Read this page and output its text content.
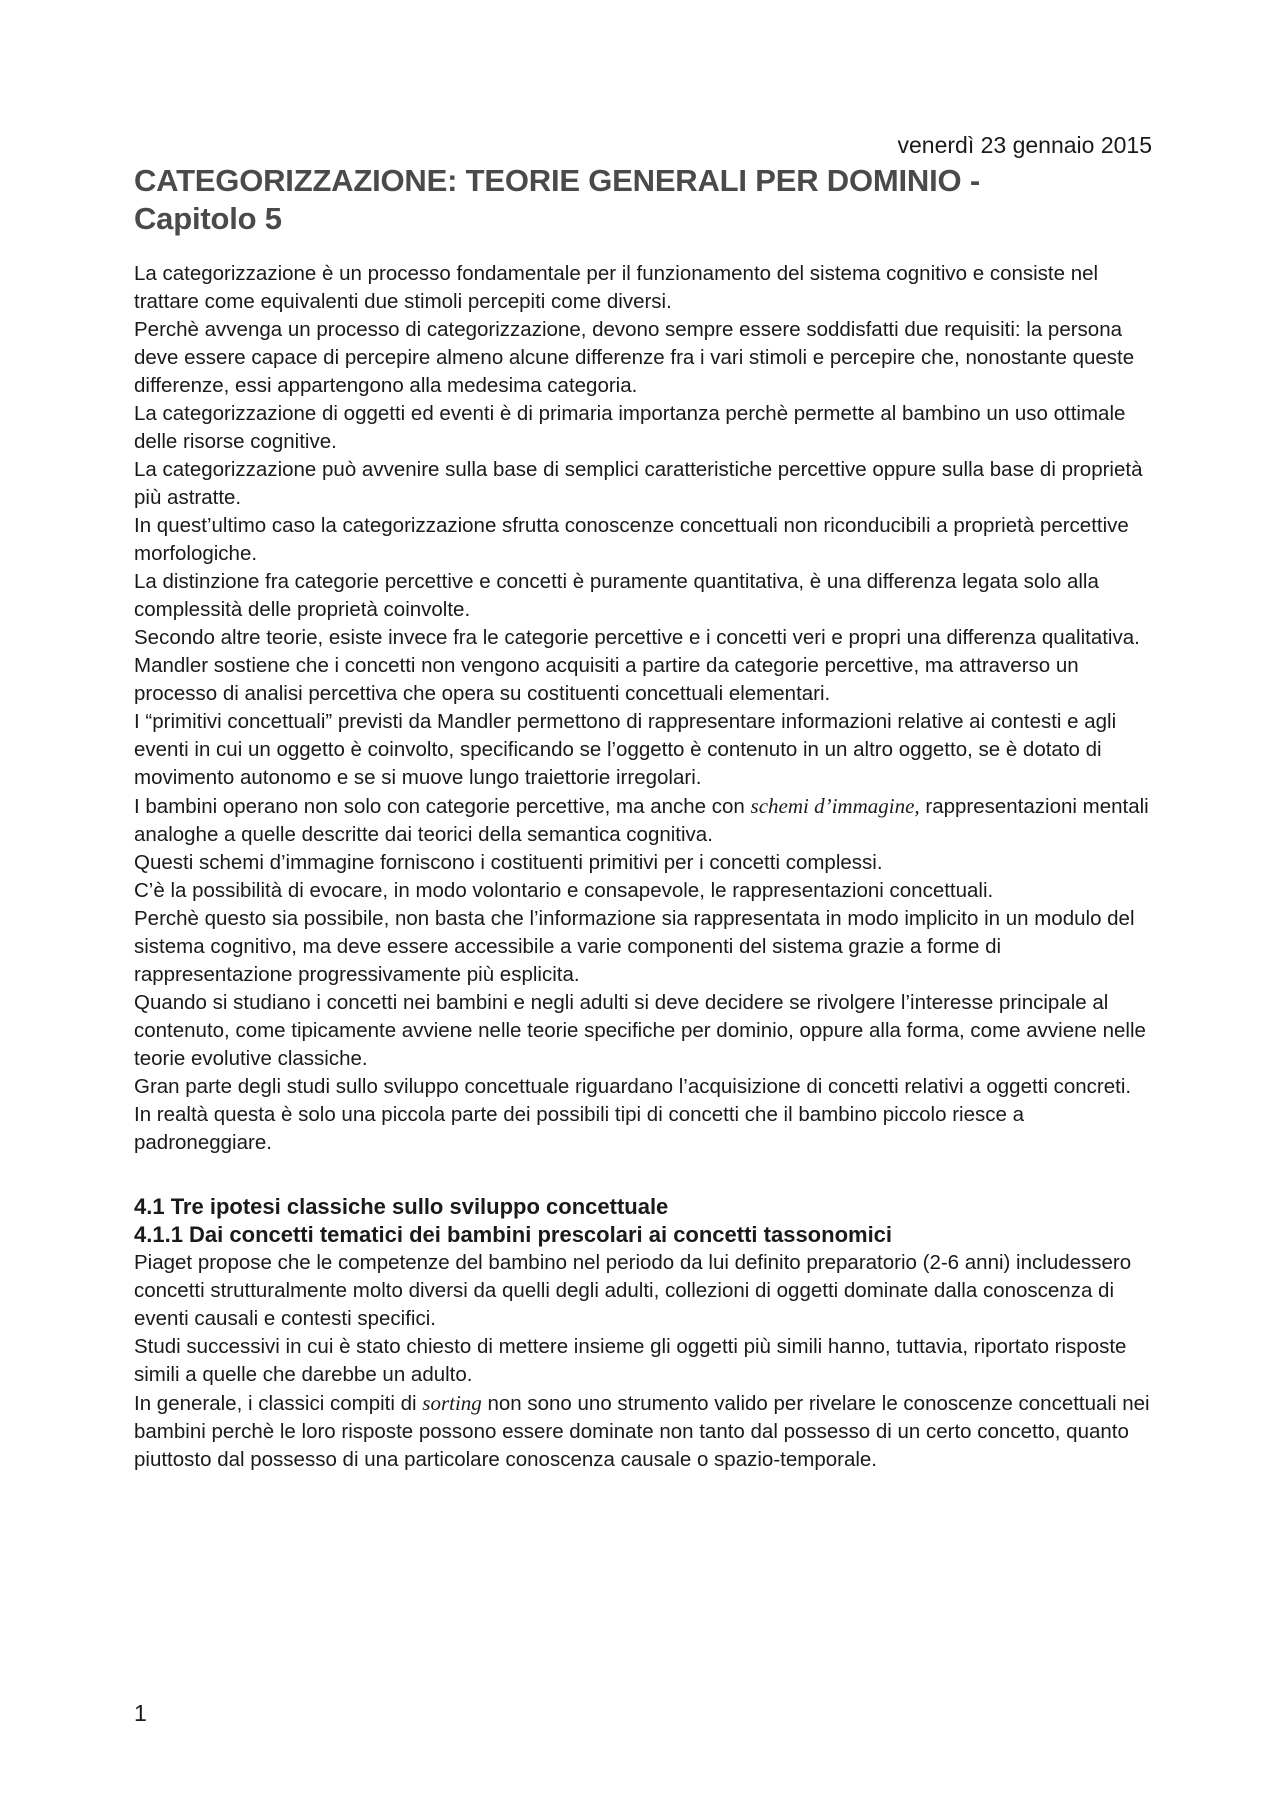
venerdì 23 gennaio 2015

CATEGORIZZAZIONE: TEORIE GENERALI PER DOMINIO -
Capitolo 5

La categorizzazione è un processo fondamentale per il funzionamento del sistema cognitivo e consiste nel trattare come equivalenti due stimoli percepiti come diversi.

Perchè avvenga un processo di categorizzazione, devono sempre essere soddisfatti due requisiti: la persona deve essere capace di percepire almeno alcune differenze fra i vari stimoli e percepire che, nonostante queste differenze, essi appartengono alla medesima categoria.

La categorizzazione di oggetti ed eventi è di primaria importanza perchè permette al bambino un uso ottimale delle risorse cognitive.

La categorizzazione può avvenire sulla base di semplici caratteristiche percettive oppure sulla base di proprietà più astratte.

In quest’ultimo caso la categorizzazione sfrutta conoscenze concettuali non riconducibili a proprietà percettive morfologiche.

La distinzione fra categorie percettive e concetti è puramente quantitativa, è una differenza legata solo alla complessità delle proprietà coinvolte.

Secondo altre teorie, esiste invece fra le categorie percettive e i concetti veri e propri una differenza qualitativa.

Mandler sostiene che i concetti non vengono acquisiti a partire da categorie percettive, ma attraverso un processo di analisi percettiva che opera su costituenti concettuali elementari.

I “primitivi concettuali” previsti da Mandler permettono di rappresentare informazioni relative ai contesti e agli eventi in cui un oggetto è coinvolto, specificando se l’oggetto è contenuto in un altro oggetto, se è dotato di movimento autonomo e se si muove lungo traiettorie irregolari.

I bambini operano non solo con categorie percettive, ma anche con schemi d’immagine, rappresentazioni mentali analoghe a quelle descritte dai teorici della semantica cognitiva.

Questi schemi d’immagine forniscono i costituenti primitivi per i concetti complessi.

C’è la possibilità di evocare, in modo volontario e consapevole, le rappresentazioni concettuali.

Perchè questo sia possibile, non basta che l’informazione sia rappresentata in modo implicito in un modulo del sistema cognitivo, ma deve essere accessibile a varie componenti del sistema grazie a forme di rappresentazione progressivamente più esplicita.

Quando si studiano i concetti nei bambini e negli adulti si deve decidere se rivolgere l’interesse principale al contenuto, come tipicamente avviene nelle teorie specifiche per dominio, oppure alla forma, come avviene nelle teorie evolutive classiche.

Gran parte degli studi sullo sviluppo concettuale riguardano l’acquisizione di concetti relativi a oggetti concreti.

In realtà questa è solo una piccola parte dei possibili tipi di concetti che il bambino piccolo riesce a padroneggiare.

4.1 Tre ipotesi classiche sullo sviluppo concettuale
4.1.1 Dai concetti tematici dei bambini prescolari ai concetti tassonomici

Piaget propose che le competenze del bambino nel periodo da lui definito preparatorio (2-6 anni) includessero concetti strutturalmente molto diversi da quelli degli adulti, collezioni di oggetti dominate dalla conoscenza di eventi causali e contesti specifici.

Studi successivi in cui è stato chiesto di mettere insieme gli oggetti più simili hanno, tuttavia, riportato risposte simili a quelle che darebbe un adulto.

In generale, i classici compiti di sorting non sono uno strumento valido per rivelare le conoscenze concettuali nei bambini perchè le loro risposte possono essere dominate non tanto dal possesso di un certo concetto, quanto piuttosto dal possesso di una particolare conoscenza causale o spazio-temporale.

1
